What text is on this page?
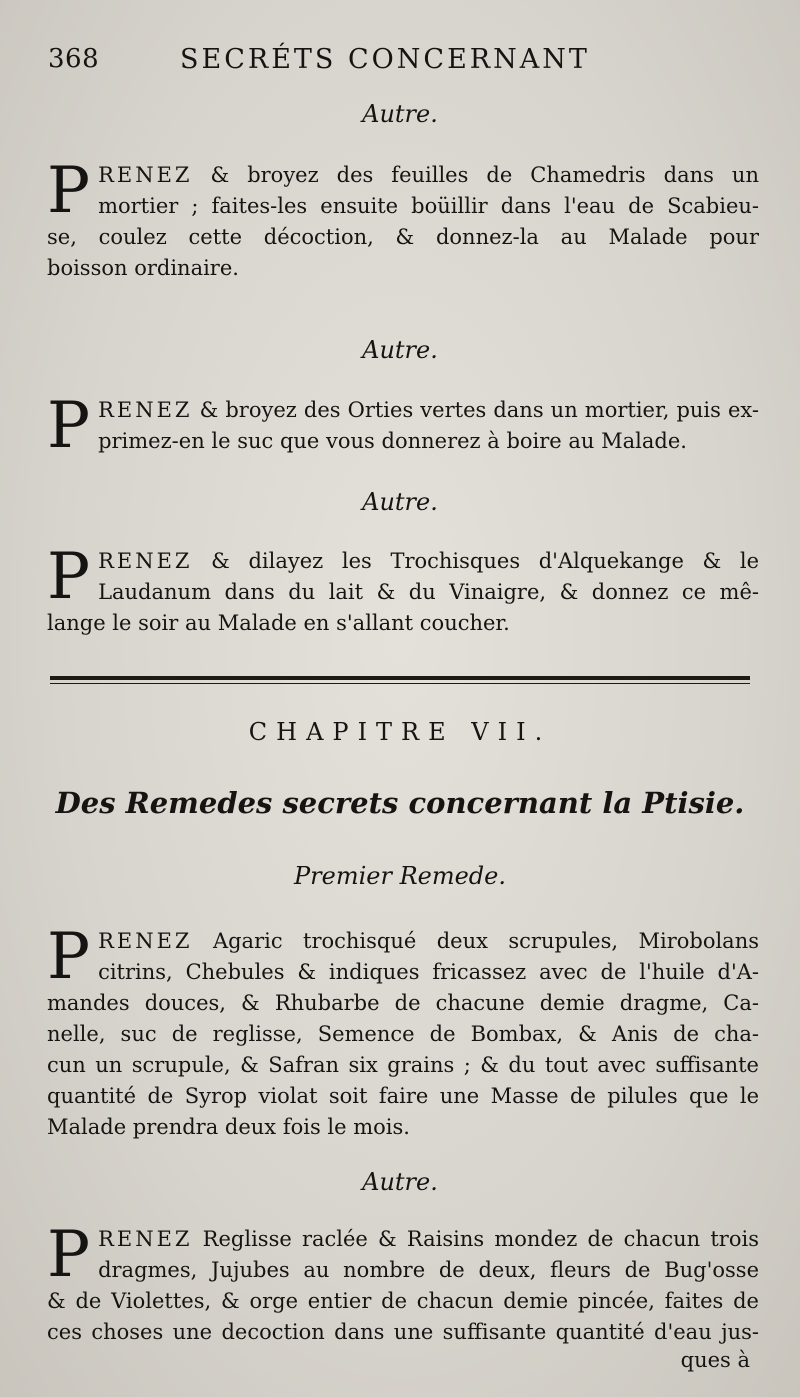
368	SECRÉTS CONCERNANT
Autre.
P RENEZ & broyez des feuilles de Chamedris dans un
mortier ; faites-les ensuite boüillir dans l'eau de Scabieu-
se, coulez cette décoction, & donnez-la au Malade pour
boisson ordinaire.
Autre.
P RENEZ & broyez des Orties vertes dans un mortier, puis ex-
primez-en le suc que vous donnerez à boire au Malade.
Autre.
P RENEZ & dilayez les Trochisques d'Alquekange & le
Laudanum dans du lait & du Vinaigre, & donnez ce mê-
lange le soir au Malade en s'allant coucher.
CHAPITRE VII.
Des Remedes secrets concernant la Ptisie.
Premier Remede.
P RENEZ Agaric trochisqué deux scrupules, Mirobolans
citrins, Chebules & indiques fricassez avec de l'huile d'A-
mandes douces, & Rhubarbe de chacune demie dragme, Ca-
nelle, suc de reglisse, Semence de Bombax, & Anis de cha-
cun un scrupule, & Safran six grains ; & du tout avec suffisante
quantité de Syrop violat soit faire une Masse de pilules que le
Malade prendra deux fois le mois.
Autre.
P RENEZ Reglisse raclée & Raisins mondez de chacun trois
dragmes, Jujubes au nombre de deux, fleurs de Bug'osse
& de Violettes, & orge entier de chacun demie pincée, faites de
ces choses une decoction dans une suffisante quantité d'eau jus-
ques à
